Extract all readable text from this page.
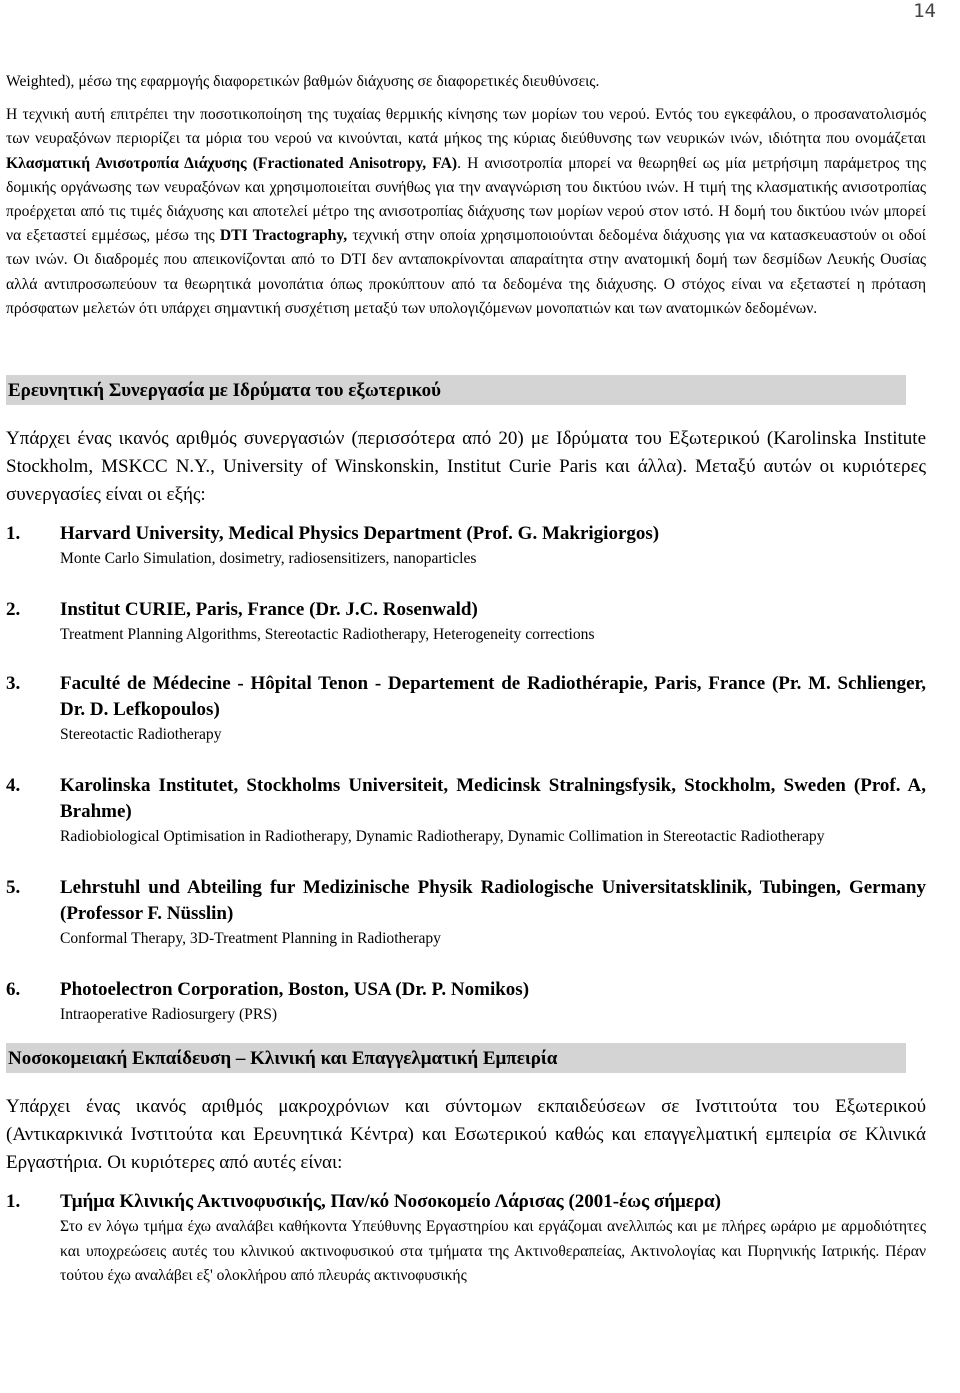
14

Weighted), μέσω της εφαρμογής διαφορετικών βαθμών διάχυσης σε διαφορετικές διευθύνσεις.

Η τεχνική αυτή επιτρέπει την ποσοτικοποίηση της τυχαίας θερμικής κίνησης των μορίων του νερού. Εντός του εγκεφάλου, ο προσανατολισμός των νευραξόνων περιορίζει τα μόρια του νερού να κινούνται, κατά μήκος της κύριας διεύθυνσης των νευρικών ινών, ιδιότητα που ονομάζεται Κλασματική Ανισοτροπία Διάχυσης (Fractionated Anisotropy, FA). Η ανισοτροπία μπορεί να θεωρηθεί ως μία μετρήσιμη παράμετρος της δομικής οργάνωσης των νευραξόνων και χρησιμοποιείται συνήθως για την αναγνώριση του δικτύου ινών. Η τιμή της κλασματικής ανισοτροπίας προέρχεται από τις τιμές διάχυσης και αποτελεί μέτρο της ανισοτροπίας διάχυσης των μορίων νερού στον ιστό. Η δομή του δικτύου ινών μπορεί να εξεταστεί εμμέσως, μέσω της DTI Tractography, τεχνική στην οποία χρησιμοποιούνται δεδομένα διάχυσης για να κατασκευαστούν οι οδοί των ινών. Οι διαδρομές που απεικονίζονται από το DTI δεν ανταποκρίνονται απαραίτητα στην ανατομική δομή των δεσμίδων Λευκής Ουσίας αλλά αντιπροσωπεύουν τα θεωρητικά μονοπάτια όπως προκύπτουν από τα δεδομένα της διάχυσης. Ο στόχος είναι να εξεταστεί η πρόταση πρόσφατων μελετών ότι υπάρχει σημαντική συσχέτιση μεταξύ των υπολογιζόμενων μονοπατιών και των ανατομικών δεδομένων.

Ερευνητική Συνεργασία με Ιδρύματα του εξωτερικού

Υπάρχει ένας ικανός αριθμός συνεργασιών (περισσότερα από 20) με Ιδρύματα του Εξωτερικού (Karolinska Institute Stockholm, MSKCC N.Y., University of Winskonskin, Institut Curie Paris και άλλα). Μεταξύ αυτών οι κυριότερες συνεργασίες είναι οι εξής:

1. Harvard University, Medical Physics Department (Prof. G. Makrigiorgos)
Monte Carlo Simulation, dosimetry, radiosensitizers, nanoparticles
2. Institut CURIE, Paris, France (Dr. J.C. Rosenwald)
Treatment Planning Algorithms, Stereotactic Radiotherapy, Heterogeneity corrections
3. Faculté de Médecine - Hôpital Tenon - Departement de Radiothérapie, Paris, France (Pr. M. Schlienger, Dr. D. Lefkopoulos)
Stereotactic Radiotherapy
4. Karolinska Institutet, Stockholms Universiteit, Medicinsk Stralningsfysik, Stockholm, Sweden (Prof. A, Brahme)
Radiobiological Optimisation in Radiotherapy, Dynamic Radiotherapy, Dynamic Collimation in Stereotactic Radiotherapy
5. Lehrstuhl und Abteiling fur Medizinische Physik Radiologische Universitatsklinik, Tubingen, Germany (Professor F. Nüsslin)
Conformal Therapy, 3D-Treatment Planning in Radiotherapy
6. Photoelectron Corporation, Boston, USA (Dr. P. Nomikos)
Intraoperative Radiosurgery (PRS)
Νοσοκομειακή Εκπαίδευση – Κλινική και Επαγγελματική Εμπειρία

Υπάρχει ένας ικανός αριθμός μακροχρόνιων και σύντομων εκπαιδεύσεων σε Ινστιτούτα του Εξωτερικού (Αντικαρκινικά Ινστιτούτα και Ερευνητικά Κέντρα) και Εσωτερικού καθώς και επαγγελματική εμπειρία σε Κλινικά Εργαστήρια. Οι κυριότερες από αυτές είναι:

1. Τμήμα Κλινικής Ακτινοφυσικής, Παν/κό Νοσοκομείο Λάρισας (2001-έως σήμερα)
Στο εν λόγω τμήμα έχω αναλάβει καθήκοντα Υπεύθυνης Εργαστηρίου και εργάζομαι ανελλιπώς και με πλήρες ωράριο με αρμοδιότητες και υποχρεώσεις αυτές του κλινικού ακτινοφυσικού στα τμήματα της Ακτινοθεραπείας, Ακτινολογίας και Πυρηνικής Ιατρικής. Πέραν τούτου έχω αναλάβει εξ' ολοκλήρου από πλευράς ακτινοφυσικής
